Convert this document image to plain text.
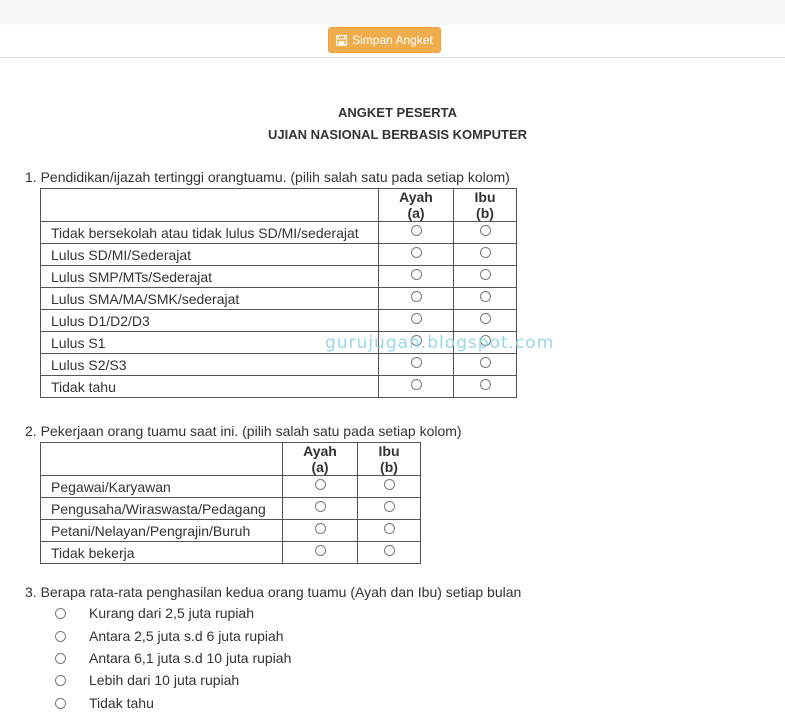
Simpan Angket
ANGKET PESERTA
UJIAN NASIONAL BERBASIS KOMPUTER
1. Pendidikan/ijazah tertinggi orangtuamu. (pilih salah satu pada setiap kolom)
	Ayah (a)	Ibu (b)
Tidak bersekolah atau tidak lulus SD/MI/sederajat		
Lulus SD/MI/Sederajat		
Lulus SMP/MTs/Sederajat		
Lulus SMA/MA/SMK/sederajat		
Lulus D1/D2/D3		
Lulus S1		
Lulus S2/S3		
Tidak tahu		
gurujugan.blogspot.com
2. Pekerjaan orang tuamu saat ini. (pilih salah satu pada setiap kolom)
	Ayah (a)	Ibu (b)
Pegawai/Karyawan		
Pengusaha/Wiraswasta/Pedagang		
Petani/Nelayan/Pengrajin/Buruh		
Tidak bekerja		
3. Berapa rata-rata penghasilan kedua orang tuamu (Ayah dan Ibu) setiap bulan
Kurang dari 2,5 juta rupiah
Antara 2,5 juta s.d 6 juta rupiah
Antara 6,1 juta s.d 10 juta rupiah
Lebih dari 10 juta rupiah
Tidak tahu
